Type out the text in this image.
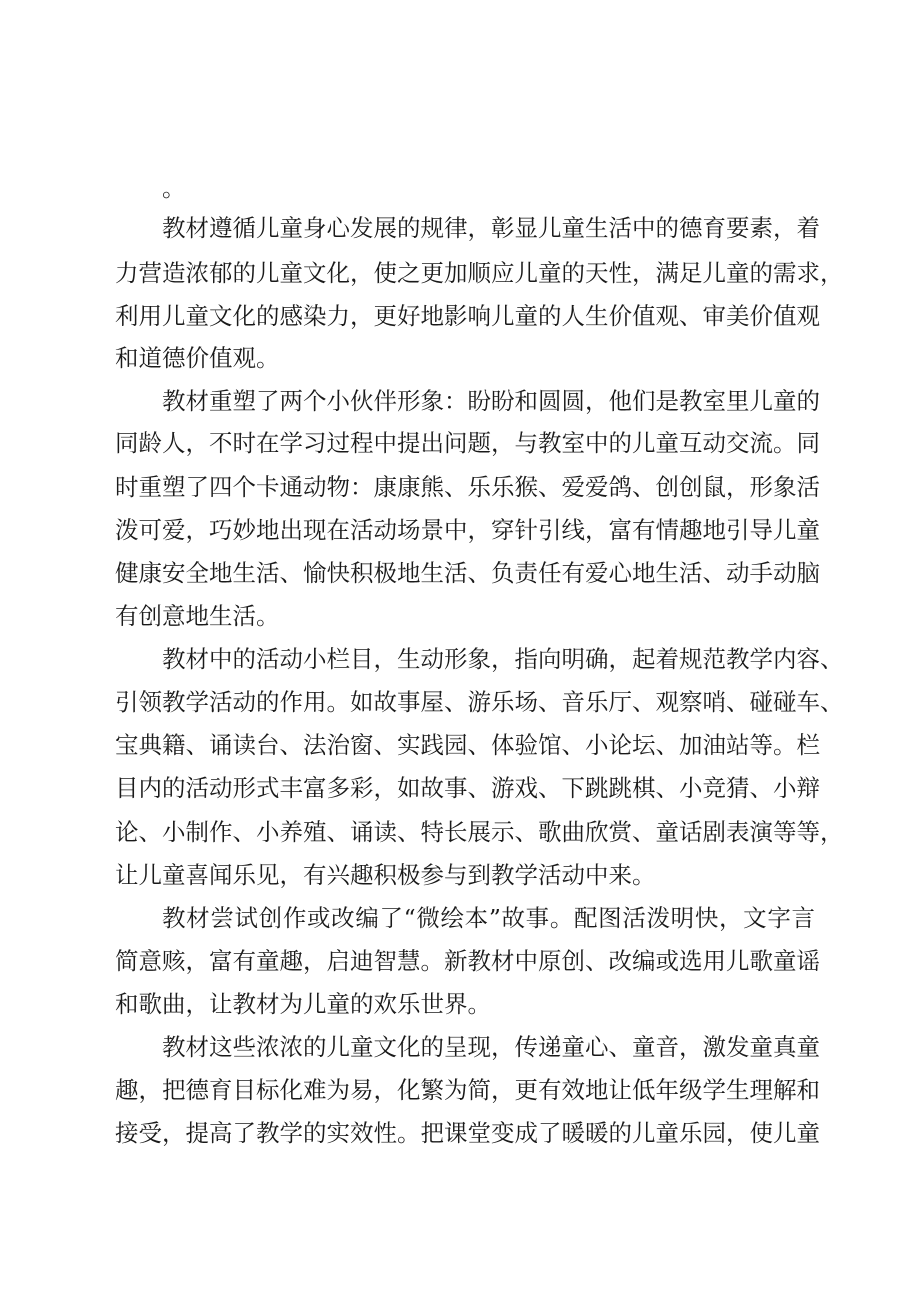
。
教材遵循儿童身心发展的规律，彰显儿童生活中的德育要素，着
力营造浓郁的儿童文化，使之更加顺应儿童的天性，满足儿童的需求，
利用儿童文化的感染力，更好地影响儿童的人生价值观、审美价值观
和道德价值观。
教材重塑了两个小伙伴形象：盼盼和圆圆，他们是教室里儿童的
同龄人，不时在学习过程中提出问题，与教室中的儿童互动交流。同
时重塑了四个卡通动物：康康熊、乐乐猴、爱爱鸽、创创鼠，形象活
泼可爱，巧妙地出现在活动场景中，穿针引线，富有情趣地引导儿童
健康安全地生活、愉快积极地生活、负责任有爱心地生活、动手动脑
有创意地生活。
教材中的活动小栏目，生动形象，指向明确，起着规范教学内容、
引领教学活动的作用。如故事屋、游乐场、音乐厅、观察哨、碰碰车、
宝典籍、诵读台、法治窗、实践园、体验馆、小论坛、加油站等。栏
目内的活动形式丰富多彩，如故事、游戏、下跳跳棋、小竞猜、小辩
论、小制作、小养殖、诵读、特长展示、歌曲欣赏、童话剧表演等等，
让儿童喜闻乐见，有兴趣积极参与到教学活动中来。
教材尝试创作或改编了“微绘本”故事。配图活泼明快，文字言
简意赅，富有童趣，启迪智慧。新教材中原创、改编或选用儿歌童谣
和歌曲，让教材为儿童的欢乐世界。
教材这些浓浓的儿童文化的呈现，传递童心、童音，激发童真童
趣，把德育目标化难为易，化繁为简，更有效地让低年级学生理解和
接受，提高了教学的实效性。把课堂变成了暖暖的儿童乐园，使儿童
